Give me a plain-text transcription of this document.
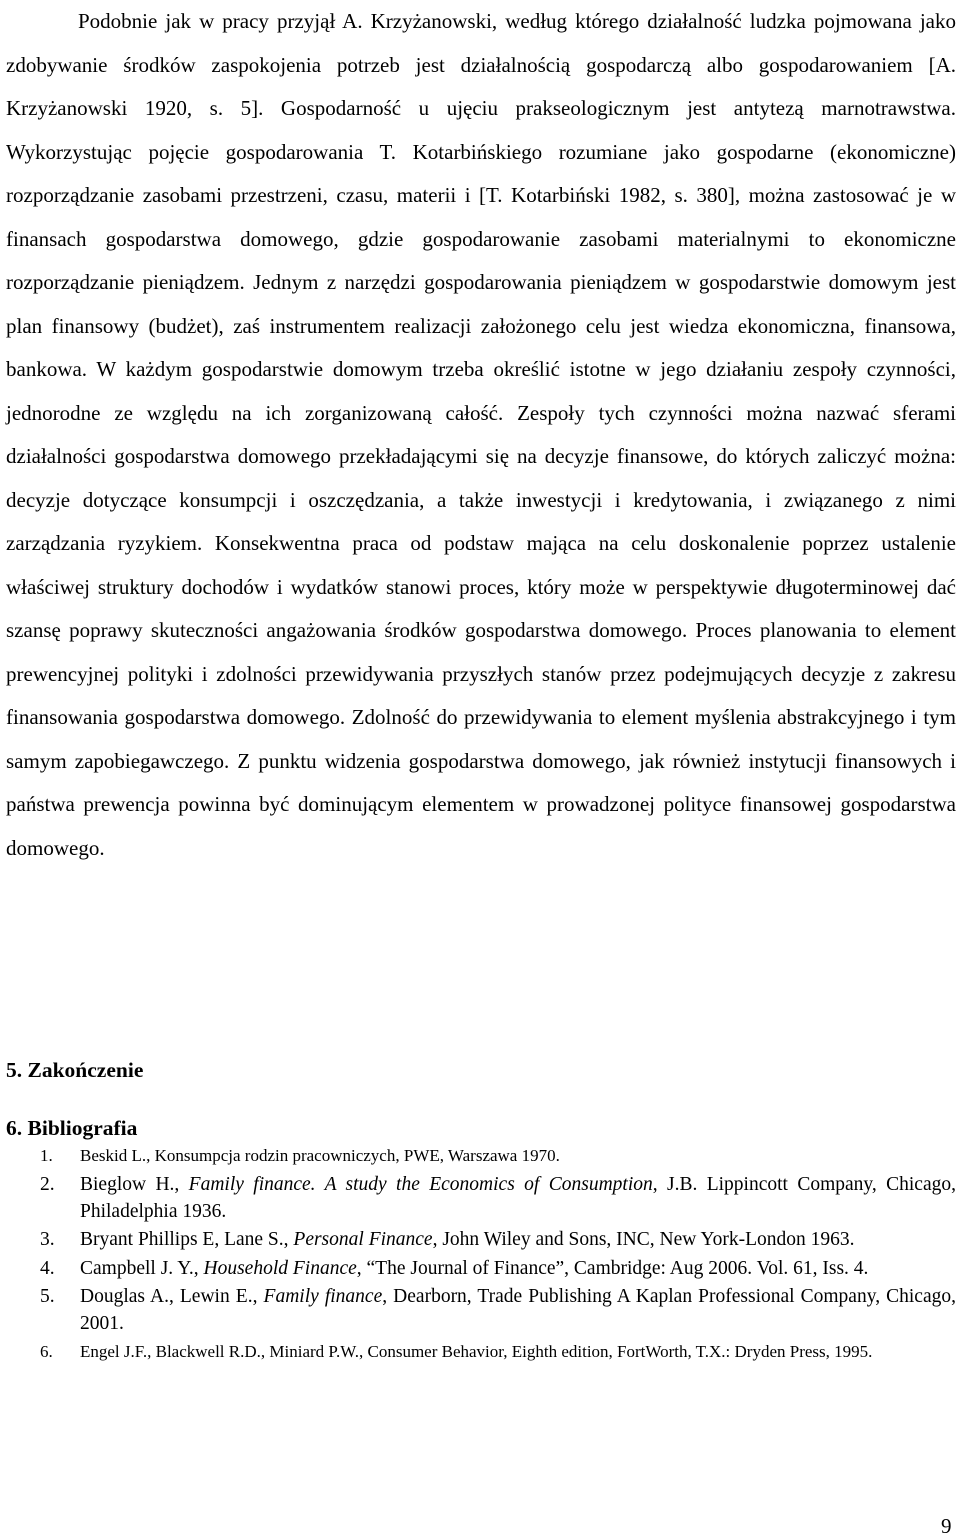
Podobnie jak w pracy przyjął A. Krzyżanowski, według którego działalność ludzka pojmowana jako zdobywanie środków zaspokojenia potrzeb jest działalnością gospodarczą albo gospodarowaniem [A. Krzyżanowski 1920, s. 5]. Gospodarność u ujęciu prakseologicznym jest antytezą marnotrawstwa. Wykorzystując pojęcie gospodarowania T. Kotarbińskiego rozumiane jako gospodarne (ekonomiczne) rozporządzanie zasobami przestrzeni, czasu, materii i [T. Kotarbiński 1982, s. 380], można zastosować je w finansach gospodarstwa domowego, gdzie gospodarowanie zasobami materialnymi to ekonomiczne rozporządzanie pieniądzem. Jednym z narzędzi gospodarowania pieniądzem w gospodarstwie domowym jest plan finansowy (budżet), zaś instrumentem realizacji założonego celu jest wiedza ekonomiczna, finansowa, bankowa. W każdym gospodarstwie domowym trzeba określić istotne w jego działaniu zespoły czynności, jednorodne ze względu na ich zorganizowaną całość. Zespoły tych czynności można nazwać sferami działalności gospodarstwa domowego przekładającymi się na decyzje finansowe, do których zaliczyć można: decyzje dotyczące konsumpcji i oszczędzania, a także inwestycji i kredytowania, i związanego z nimi zarządzania ryzykiem. Konsekwentna praca od podstaw mająca na celu doskonalenie poprzez ustalenie właściwej struktury dochodów i wydatków stanowi proces, który może w perspektywie długoterminowej dać szansę poprawy skuteczności angażowania środków gospodarstwa domowego. Proces planowania to element prewencyjnej polityki i zdolności przewidywania przyszłych stanów przez podejmujących decyzje z zakresu finansowania gospodarstwa domowego. Zdolność do przewidywania to element myślenia abstrakcyjnego i tym samym zapobiegawczego. Z punktu widzenia gospodarstwa domowego, jak również instytucji finansowych i państwa prewencja powinna być dominującym elementem w prowadzonej polityce finansowej gospodarstwa domowego.

5. Zakończenie
6. Bibliografia
1. Beskid L., Konsumpcja rodzin pracowniczych, PWE, Warszawa 1970.
2. Bieglow H., Family finance. A study the Economics of Consumption, J.B. Lippincott Company, Chicago, Philadelphia 1936.
3. Bryant Phillips E, Lane S., Personal Finance, John Wiley and Sons, INC, New York-London 1963.
4. Campbell J. Y., Household Finance, “The Journal of Finance”, Cambridge: Aug 2006. Vol. 61, Iss. 4.
5. Douglas A., Lewin E., Family finance, Dearborn, Trade Publishing A Kaplan Professional Company, Chicago, 2001.
6. Engel J.F., Blackwell R.D., Miniard P.W., Consumer Behavior, Eighth edition, FortWorth, T.X.: Dryden Press, 1995.

9
